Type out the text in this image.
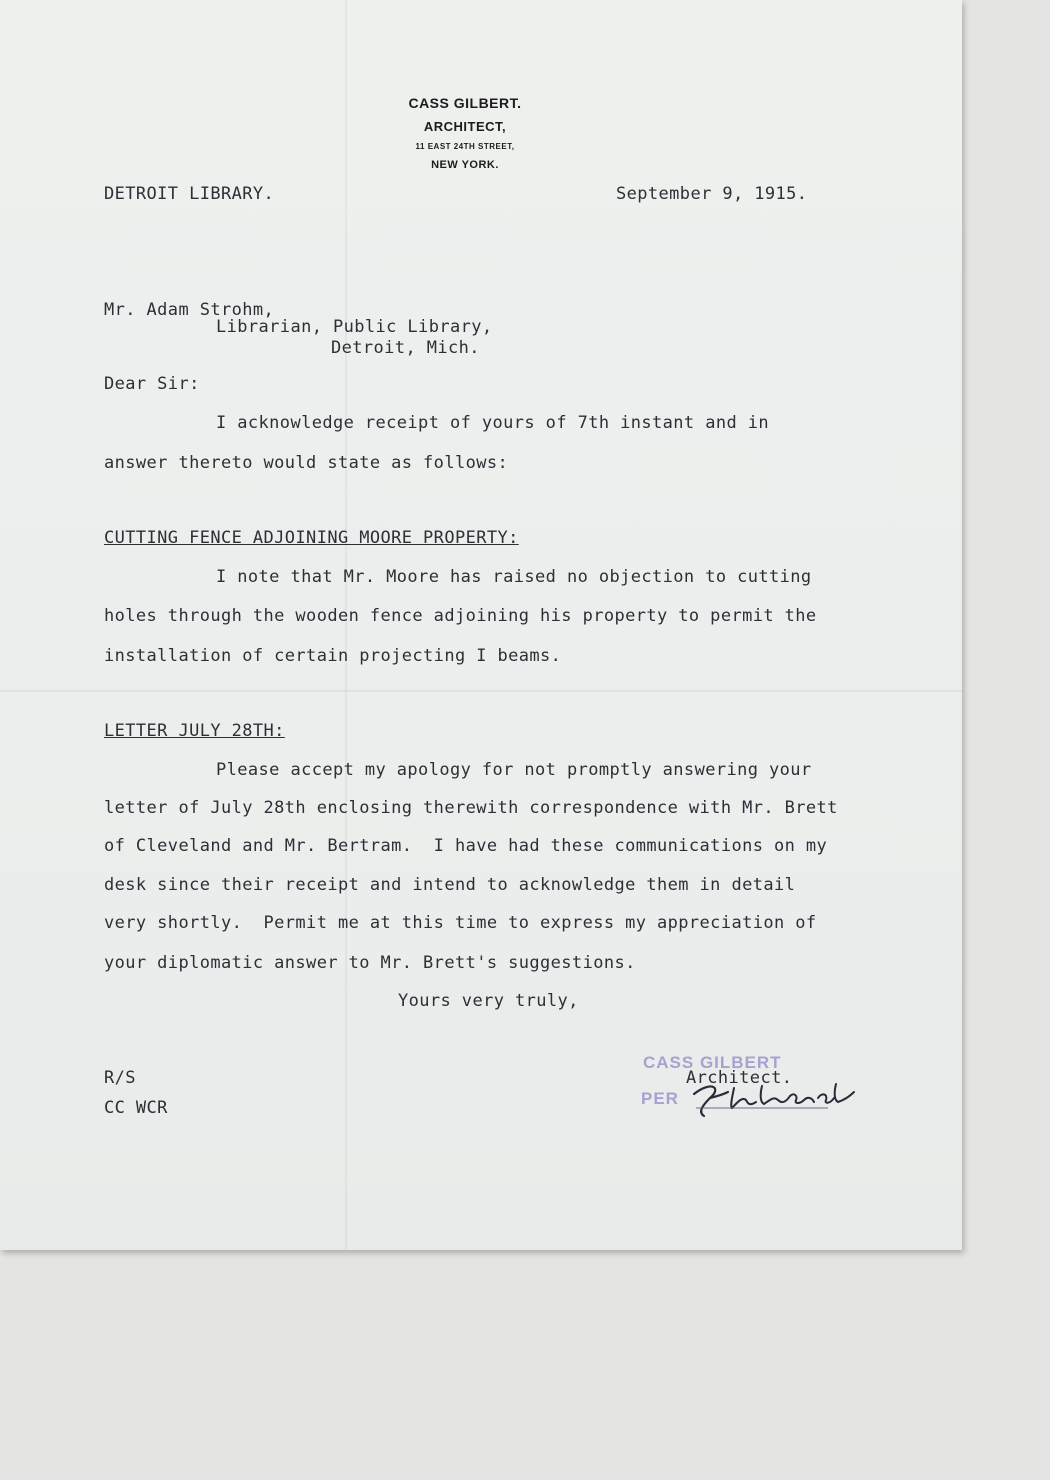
CASS GILBERT.
ARCHITECT,
11 EAST 24TH STREET,
NEW YORK.
DETROIT LIBRARY.	September 9, 1915.
Mr. Adam Strohm,
Librarian, Public Library,
Detroit, Mich.
Dear Sir:
I acknowledge receipt of yours of 7th instant and in
answer thereto would state as follows:
CUTTING FENCE ADJOINING MOORE PROPERTY:
I note that Mr. Moore has raised no objection to cutting
holes through the wooden fence adjoining his property to permit the
installation of certain projecting I beams.
LETTER JULY 28TH:
Please accept my apology for not promptly answering your
letter of July 28th enclosing therewith correspondence with Mr. Brett
of Cleveland and Mr. Bertram.  I have had these communications on my
desk since their receipt and intend to acknowledge them in detail
very shortly.  Permit me at this time to express my appreciation of
your diplomatic answer to Mr. Brett's suggestions.
Yours very truly,
CASS GILBERT
Architect.
PER
R/S
CC WCR
